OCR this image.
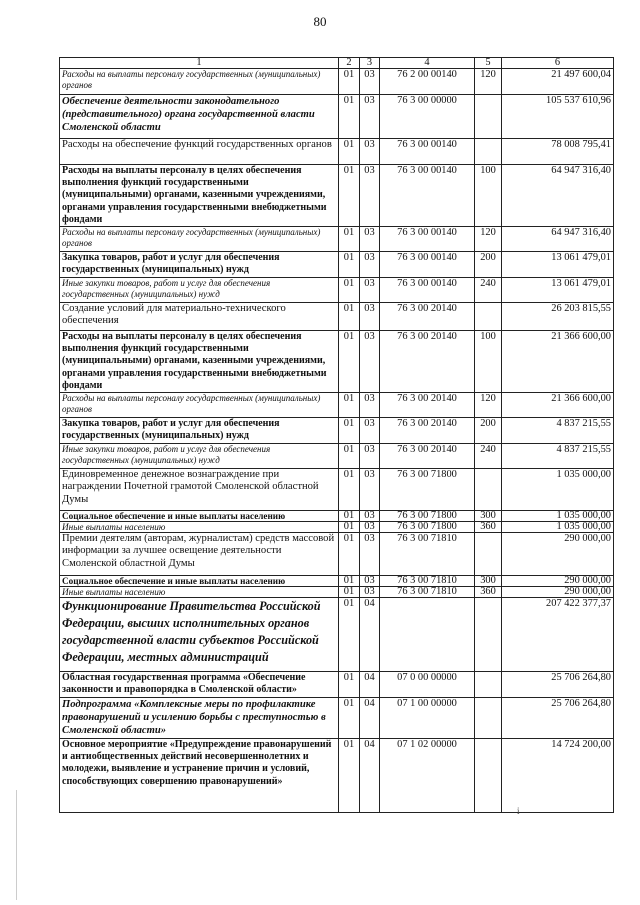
80
1	2	3	4	5	6
Расходы на выплаты персоналу государственных (муниципальных) органов	01	03	76 2 00 00140	120	21 497 600,04
Обеспечение деятельности законодательного (представительного) органа государственной власти Смоленской области	01	03	76 3 00 00000		105 537 610,96
Расходы на обеспечение функций государственных органов	01	03	76 3 00 00140		78 008 795,41
Расходы на выплаты персоналу в целях обеспечения выполнения функций государственными (муниципальными) органами, казенными учреждениями, органами управления государственными внебюджетными фондами	01	03	76 3 00 00140	100	64 947 316,40
Расходы на выплаты персоналу государственных (муниципальных) органов	01	03	76 3 00 00140	120	64 947 316,40
Закупка товаров, работ и услуг для обеспечения государственных (муниципальных) нужд	01	03	76 3 00 00140	200	13 061 479,01
Иные закупки товаров, работ и услуг для обеспечения государственных (муниципальных) нужд	01	03	76 3 00 00140	240	13 061 479,01
Создание условий для материально-технического обеспечения	01	03	76 3 00 20140		26 203 815,55
Расходы на выплаты персоналу в целях обеспечения выполнения функций государственными (муниципальными) органами, казенными учреждениями, органами управления государственными внебюджетными фондами	01	03	76 3 00 20140	100	21 366 600,00
Расходы на выплаты персоналу государственных (муниципальных) органов	01	03	76 3 00 20140	120	21 366 600,00
Закупка товаров, работ и услуг для обеспечения государственных (муниципальных) нужд	01	03	76 3 00 20140	200	4 837 215,55
Иные закупки товаров, работ и услуг для обеспечения государственных (муниципальных) нужд	01	03	76 3 00 20140	240	4 837 215,55
Единовременное денежное вознаграждение при награждении Почетной грамотой Смоленской областной Думы	01	03	76 3 00 71800		1 035 000,00
Социальное обеспечение и иные выплаты населению	01	03	76 3 00 71800	300	1 035 000,00
Иные выплаты населению	01	03	76 3 00 71800	360	1 035 000,00
Премии деятелям (авторам, журналистам) средств массовой информации за лучшее освещение деятельности Смоленской областной Думы	01	03	76 3 00 71810		290 000,00
Социальное обеспечение и иные выплаты населению	01	03	76 3 00 71810	300	290 000,00
Иные выплаты населению	01	03	76 3 00 71810	360	290 000,00
Функционирование Правительства Российской Федерации, высших исполнительных органов государственной власти субъектов Российской Федерации, местных администраций	01	04			207 422 377,37
Областная государственная программа «Обеспечение законности и правопорядка в Смоленской области»	01	04	07 0 00 00000		25 706 264,80
Подпрограмма «Комплексные меры по профилактике правонарушений и усилению борьбы с преступностью в Смоленской области»	01	04	07 1 00 00000		25 706 264,80
Основное мероприятие «Предупреждение правонарушений и антиобщественных действий несовершеннолетних и молодежи, выявление и устранение причин и условий, способствующих совершению правонарушений»	01	04	07 1 02 00000		14 724 200,00
i
